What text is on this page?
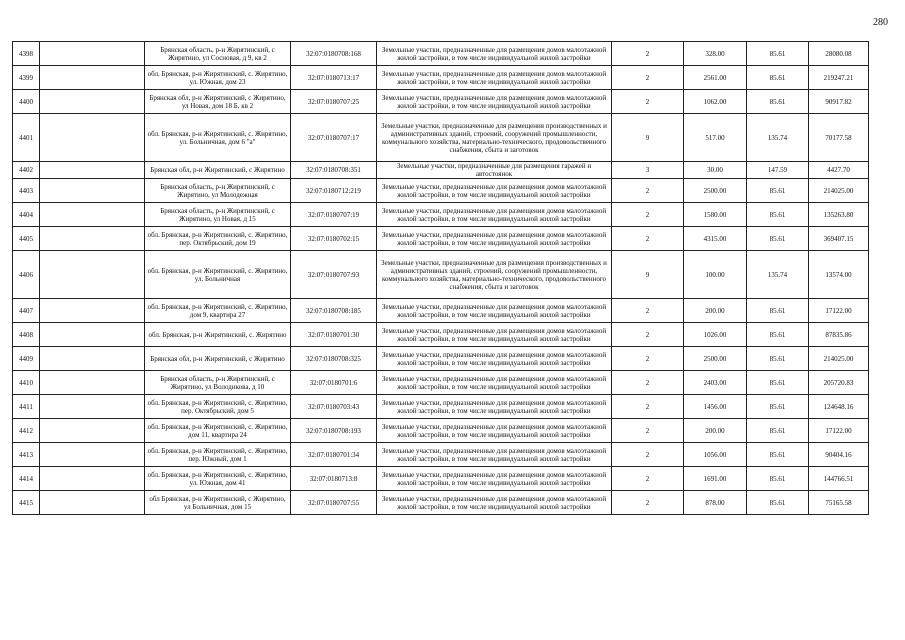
280
4398		Брянская область, р-н Жирятинский, с Жирятино, ул Сосновая, д 9, кв 2	32:07:0180708:168	Земельные участки, предназначенные для размещения домов малоэтажной жилой застройки, в том числе индивидуальной жилой застройки	2	328.00	85.61	28080.08
4399		обл. Брянская, р-н Жирятинский, с. Жирятино, ул. Южная, дом 23	32:07:0180713:17	Земельные участки, предназначенные для размещения домов малоэтажной жилой застройки, в том числе индивидуальной жилой застройки	2	2561.00	85.61	219247.21
4400		Брянская обл, р-н Жирятинский, с Жирятино, ул Новая, дом 18 Б, кв 2	32:07:0180707:25	Земельные участки, предназначенные для размещения домов малоэтажной жилой застройки, в том числе индивидуальной жилой застройки	2	1062.00	85.61	90917.82
4401		обл. Брянская, р-н Жирятинский, с. Жирятино, ул. Больничная, дом 6 "а"	32:07:0180707:17	Земельные участки, предназначенные для размещения производственных и административных зданий, строений, сооружений промышленности, коммунального хозяйства, материально-технического, продовольственного снабжения, сбыта и заготовок	9	517.00	135.74	70177.58
4402		Брянская обл, р-н Жирятинский, с Жирятино	32:07:0180708:351	Земельные участки, предназначенные для размещения гаражей и автостоянок	3	30.00	147.59	4427.70
4403		Брянская область, р-н Жирятинский, с Жирятино, ул Молодежная	32:07:0180712:219	Земельные участки, предназначенные для размещения домов малоэтажной жилой застройки, в том числе индивидуальной жилой застройки	2	2500.00	85.61	214025.00
4404		Брянская область, р-н Жирятинский, с Жирятино, ул Новая, д 15	32:07:0180707:19	Земельные участки, предназначенные для размещения домов малоэтажной жилой застройки, в том числе индивидуальной жилой застройки	2	1580.00	85.61	135263.80
4405		обл. Брянская, р-н Жирятинский, с. Жирятино, пер. Октябрьский, дом 19	32:07:0180702:15	Земельные участки, предназначенные для размещения домов малоэтажной жилой застройки, в том числе индивидуальной жилой застройки	2	4315.00	85.61	369407.15
4406		обл. Брянская, р-н Жирятинский, с. Жирятино, ул. Больничная	32:07:0180707:93	Земельные участки, предназначенные для размещения производственных и административных зданий, строений, сооружений промышленности, коммунального хозяйства, материально-технического, продовольственного снабжения, сбыта и заготовок	9	100.00	135.74	13574.00
4407		обл. Брянская, р-н Жирятинский, с. Жирятино, дом 9, квартира 27	32:07:0180708:185	Земельные участки, предназначенные для размещения домов малоэтажной жилой застройки, в том числе индивидуальной жилой застройки	2	200.00	85.61	17122.00
4408		обл. Брянская, р-н Жирятинский, с. Жирятино	32:07:0180701:30	Земельные участки, предназначенные для размещения домов малоэтажной жилой застройки, в том числе индивидуальной жилой застройки	2	1026.00	85.61	87835.86
4409		Брянская обл, р-н Жирятинский, с Жирятино	32:07:0180708:325	Земельные участки, предназначенные для размещения домов малоэтажной жилой застройки, в том числе индивидуальной жилой застройки	2	2500.00	85.61	214025.00
4410		Брянская область, р-н Жирятинский, с Жирятино, ул Володикова, д 10	32:07:0180701:6	Земельные участки, предназначенные для размещения домов малоэтажной жилой застройки, в том числе индивидуальной жилой застройки	2	2403.00	85.61	205720.83
4411		обл. Брянская, р-н Жирятинский, с. Жирятино, пер. Октябрьский, дом 5	32:07:0180703:43	Земельные участки, предназначенные для размещения домов малоэтажной жилой застройки, в том числе индивидуальной жилой застройки	2	1456.00	85.61	124648.16
4412		обл. Брянская, р-н Жирятинский, с. Жирятино, дом 11, квартира 24	32:07:0180708:193	Земельные участки, предназначенные для размещения домов малоэтажной жилой застройки, в том числе индивидуальной жилой застройки	2	200.00	85.61	17122.00
4413		обл. Брянская, р-н Жирятинский, с. Жирятино, пер. Южный, дом 1	32:07:0180701:34	Земельные участки, предназначенные для размещения домов малоэтажной жилой застройки, в том числе индивидуальной жилой застройки	2	1056.00	85.61	90404.16
4414		обл. Брянская, р-н Жирятинский, с. Жирятино, ул. Южная, дом 41	32:07:0180713:8	Земельные участки, предназначенные для размещения домов малоэтажной жилой застройки, в том числе индивидуальной жилой застройки	2	1691.00	85.61	144766.51
4415		обл Брянская, р-н Жирятинский, с Жирятино, ул Больничная, дом 15	32:07:0180707:55	Земельные участки, предназначенные для размещения домов малоэтажной жилой застройки, в том числе индивидуальной жилой застройки	2	878.00	85.61	75165.58
